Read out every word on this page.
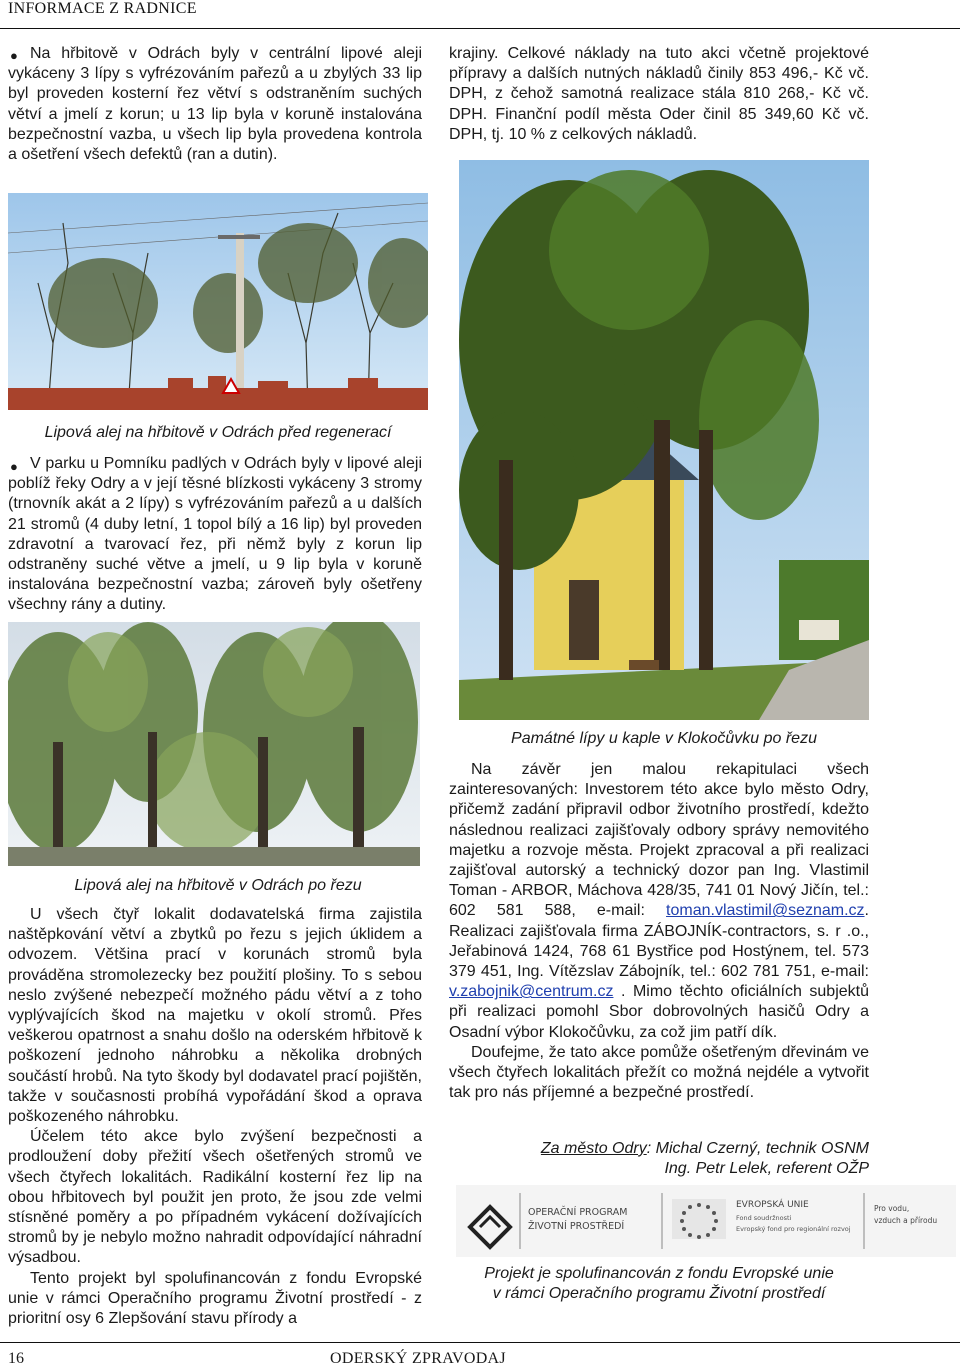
INFORMACE Z RADNICE
● Na hřbitově v Odrách byly v centrální lipové aleji vykáceny 3 lípy s vyfrézováním pařezů a u zbylých 33 lip byl proveden kosterní řez větví s odstraněním suchých větví a jmelí z korun; u 13 lip byla v koruně instalována bezpečnostní vazba, u všech lip byla provedena kontrola a ošetření všech defektů (ran a dutin).

krajiny. Celkové náklady na tuto akci včetně projektové přípravy a dalších nutných nákladů činily 853 496,- Kč vč. DPH, z čehož samotná realizace stála 810 268,- Kč vč. DPH. Finanční podíl města Oder činil 85 349,60 Kč vč. DPH, tj. 10 % z celkových nákladů.

Lipová alej na hřbitově v Odrách před regenerací
● V parku u Pomníku padlých v Odrách byly v lipové aleji poblíž řeky Odry a v její těsné blízkosti vykáceny 3 stromy (trnovník akát a 2 lípy) s vyfrézováním pařezů a u dalších 21 stromů (4 duby letní, 1 topol bílý a 16 lip) byl proveden zdravotní a tvarovací řez, při němž byly z korun lip odstraněny suché větve a jmelí, u 9 lip byla v koruně instalována bezpečnostní vazba; zároveň byly ošetřeny všechny rány a dutiny.
Lipová alej na hřbitově v Odrách po řezu
Památné lípy u kaple v Klokočůvku po řezu

U všech čtyř lokalit dodavatelská firma zajistila naštěpkování větví a zbytků po řezu s jejich úklidem a odvozem. Většina prací v korunách stromů byla prováděna stromolezecky bez použití plošiny. To s sebou neslo zvýšené nebezpečí možného pádu větví a z toho vyplývajících škod na majetku v okolí stromů. Přes veškerou opatrnost a snahu došlo na oderském hřbitově k poškození jednoho náhrobku a několika drobných součástí hrobů. Na tyto škody byl dodavatel prací pojištěn, takže v současnosti probíhá vypořádání škod a oprava poškozeného náhrobku.

Účelem této akce bylo zvýšení bezpečnosti a prodloužení doby přežití všech ošetřených stromů ve všech čtyřech lokalitách. Radikální kosterní řez lip na obou hřbitovech byl použit jen proto, že jsou zde velmi stísněné poměry a po případném vykácení dožívajících stromů by je nebylo možno nahradit odpovídající náhradní výsadbou.

Tento projekt byl spolufinancován z fondu Evropské unie v rámci Operačního programu Životní prostředí - z prioritní osy 6 Zlepšování stavu přírody a

Na závěr jen malou rekapitulaci všech zainteresovaných: Investorem této akce bylo město Odry, přičemž zadání připravil odbor životního prostředí, kdežto následnou realizaci zajišťovaly odbory správy nemovitého majetku a rozvoje města. Projekt zpracoval a při realizaci zajišťoval autorský a technický dozor pan Ing. Vlastimil Toman - ARBOR, Máchova 428/35, 741 01 Nový Jičín, tel.: 602 581 588, e-mail: toman.vlastimil@seznam.cz. Realizaci zajišťovala firma ZÁBOJNÍK-contractors, s. r .o., Jeřabinová 1424, 768 61 Bystřice pod Hostýnem, tel. 573 379 451, Ing. Vítězslav Zábojník, tel.: 602 781 751, e-mail: v.zabojnik@centrum.cz . Mimo těchto oficiálních subjektů při realizaci pomohl Sbor dobrovolných hasičů Odry a Osadní výbor Klokočůvku, za což jim patří dík.

Doufejme, že tato akce pomůže ošetřeným dřevinám ve všech čtyřech lokalitách přežít co možná nejdéle a vytvořit tak pro nás příjemné a bezpečné prostředí.

Za město Odry: Michal Czerný, technik OSNM
Ing. Petr Lelek, referent OŽP
OPERAČNÍ PROGRAM
ŽIVOTNÍ PROSTŘEDÍ
EVROPSKÁ UNIE
Fond soudržnosti
Evropský fond pro regionální rozvoj
Pro vodu,
vzduch a přírodu
Projekt je spolufinancován z fondu Evropské unie
v rámci Operačního programu Životní prostředí
16	ODERSKÝ ZPRAVODAJ
